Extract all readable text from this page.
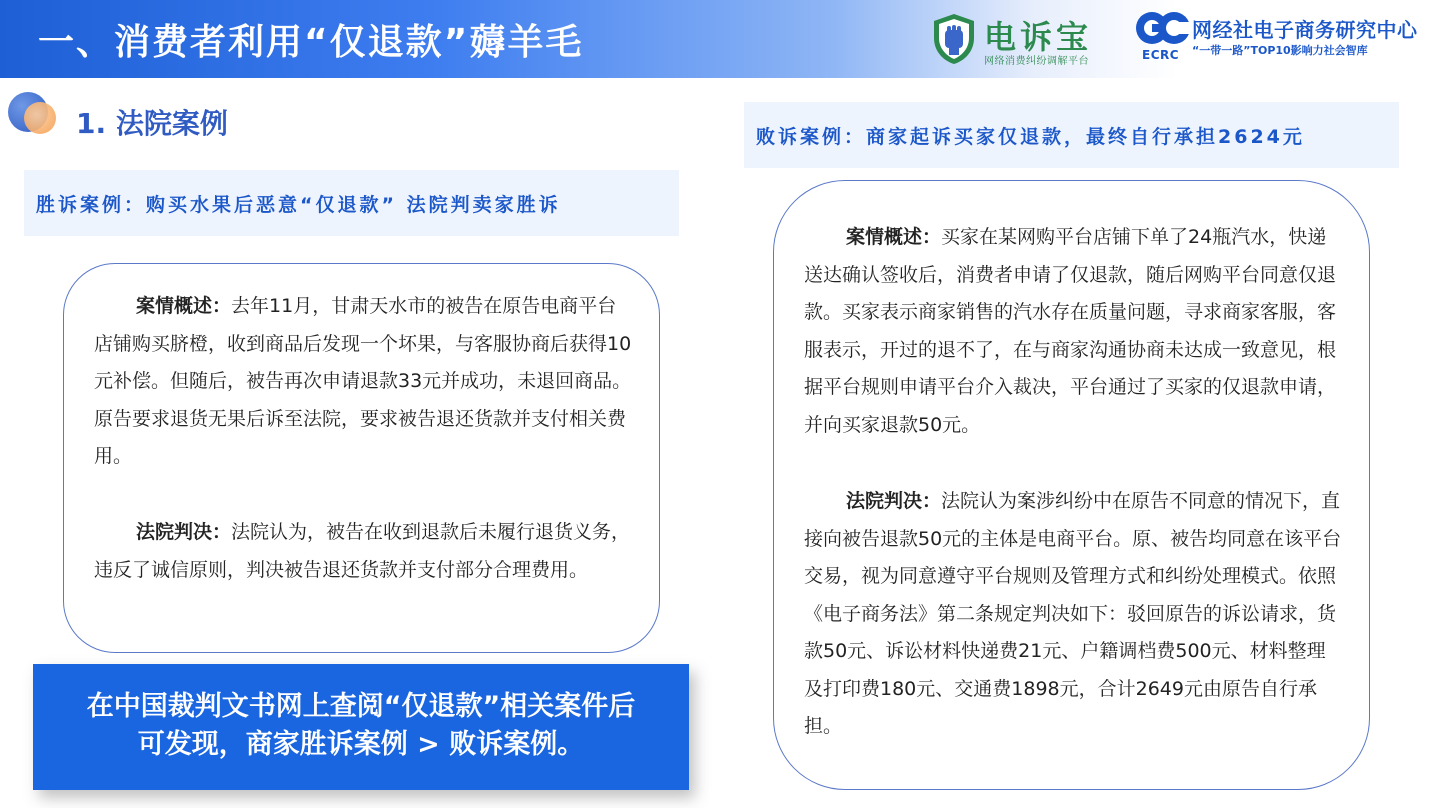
一、消费者利用“仅退款”薅羊毛	电诉宝
网络消费纠纷调解平台	ECRC
网经社电子商务研究中心
“一带一路”TOP10影响力社会智库
1. 法院案例
胜诉案例：购买水果后恶意“仅退款” 法院判卖家胜诉
案情概述：去年11月，甘肃天水市的被告在原告电商平台店铺购买脐橙，收到商品后发现一个坏果，与客服协商后获得10元补偿。但随后，被告再次申请退款33元并成功，未退回商品。原告要求退货无果后诉至法院，要求被告退还货款并支付相关费用。
法院判决：法院认为，被告在收到退款后未履行退货义务，违反了诚信原则，判决被告退还货款并支付部分合理费用。
在中国裁判文书网上查阅“仅退款”相关案件后
可发现，商家胜诉案例 > 败诉案例。
败诉案例：商家起诉买家仅退款，最终自行承担2624元
案情概述：买家在某网购平台店铺下单了24瓶汽水，快递送达确认签收后，消费者申请了仅退款，随后网购平台同意仅退款。买家表示商家销售的汽水存在质量问题，寻求商家客服，客服表示，开过的退不了，在与商家沟通协商未达成一致意见，根据平台规则申请平台介入裁决，平台通过了买家的仅退款申请，并向买家退款50元。
法院判决：法院认为案涉纠纷中在原告不同意的情况下，直接向被告退款50元的主体是电商平台。原、被告均同意在该平台交易，视为同意遵守平台规则及管理方式和纠纷处理模式。依照《电子商务法》第二条规定判决如下：驳回原告的诉讼请求，货款50元、诉讼材料快递费21元、户籍调档费500元、材料整理及打印费180元、交通费1898元，合计2649元由原告自行承担。
